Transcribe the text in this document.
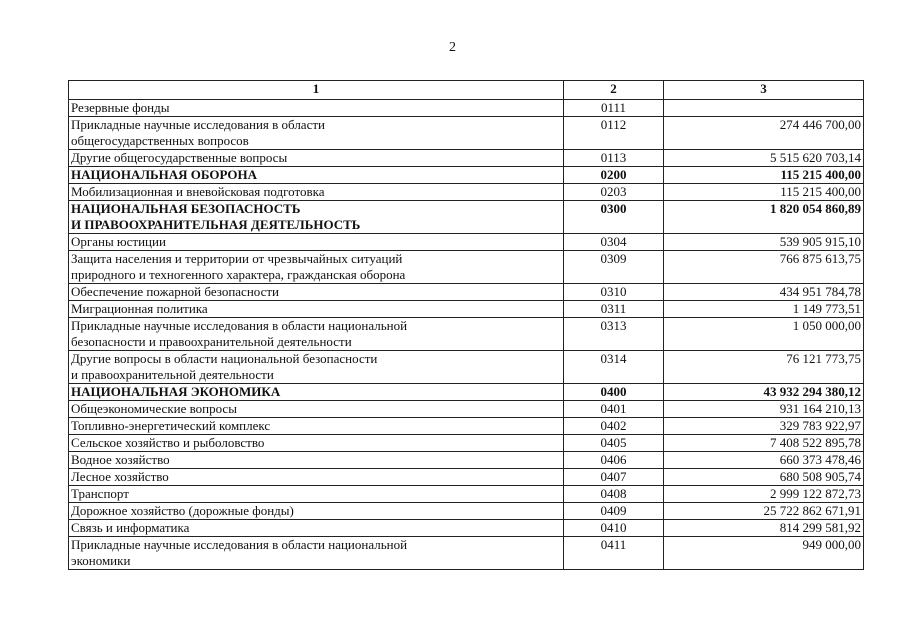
2
1	2	3
Резервные фонды	0111	
Прикладные научные исследования в области
общегосударственных вопросов	0112	274 446 700,00
Другие общегосударственные вопросы	0113	5 515 620 703,14
НАЦИОНАЛЬНАЯ ОБОРОНА	0200	115 215 400,00
Мобилизационная и вневойсковая подготовка	0203	115 215 400,00
НАЦИОНАЛЬНАЯ БЕЗОПАСНОСТЬ
И ПРАВООХРАНИТЕЛЬНАЯ ДЕЯТЕЛЬНОСТЬ	0300	1 820 054 860,89
Органы юстиции	0304	539 905 915,10
Защита населения и территории от чрезвычайных ситуаций
природного и техногенного характера, гражданская оборона	0309	766 875 613,75
Обеспечение пожарной безопасности	0310	434 951 784,78
Миграционная политика	0311	1 149 773,51
Прикладные научные исследования в области национальной
безопасности и правоохранительной деятельности	0313	1 050 000,00
Другие вопросы в области национальной безопасности
и правоохранительной деятельности	0314	76 121 773,75
НАЦИОНАЛЬНАЯ ЭКОНОМИКА	0400	43 932 294 380,12
Общеэкономические вопросы	0401	931 164 210,13
Топливно-энергетический комплекс	0402	329 783 922,97
Сельское хозяйство и рыболовство	0405	7 408 522 895,78
Водное хозяйство	0406	660 373 478,46
Лесное хозяйство	0407	680 508 905,74
Транспорт	0408	2 999 122 872,73
Дорожное хозяйство (дорожные фонды)	0409	25 722 862 671,91
Связь и информатика	0410	814 299 581,92
Прикладные научные исследования в области национальной
экономики	0411	949 000,00
